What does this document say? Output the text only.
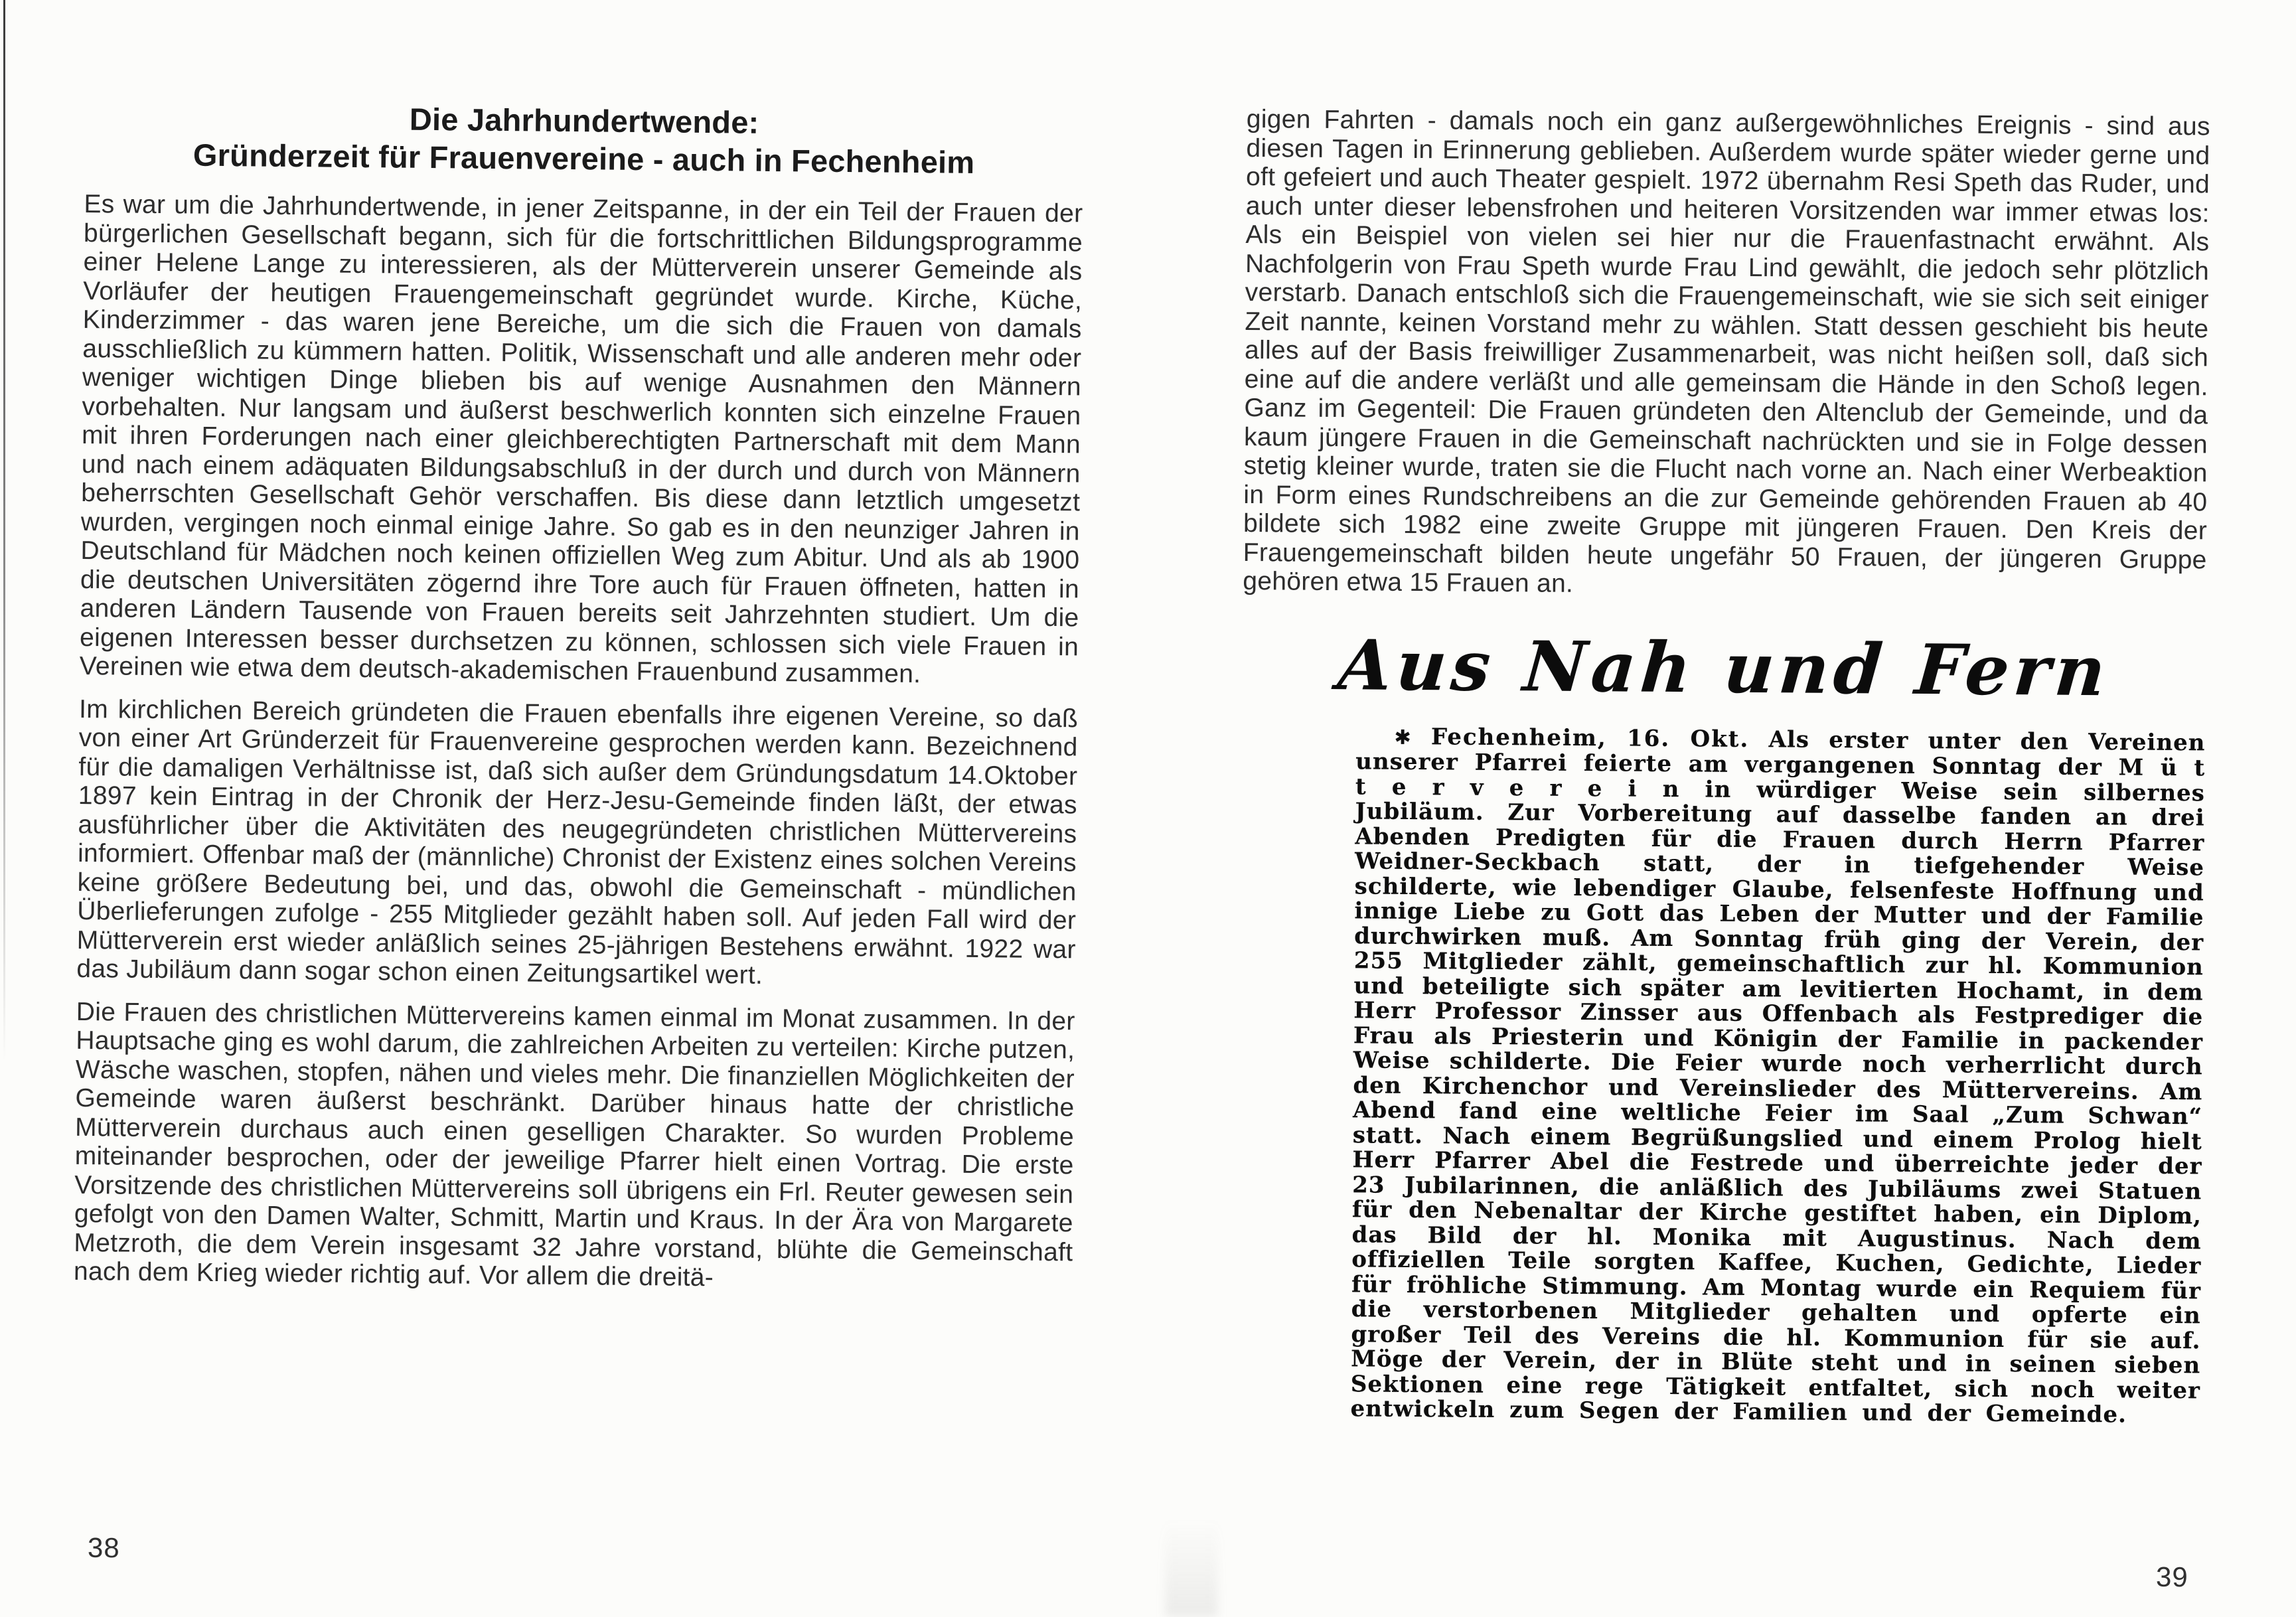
Die Jahrhundertwende:
Gründerzeit für Frauenvereine - auch in Fechenheim

Es war um die Jahrhundertwende, in jener Zeitspanne, in der ein Teil der Frauen der bürgerlichen Gesellschaft begann, sich für die fortschrittlichen Bildungsprogramme einer Helene Lange zu interessieren, als der Mütterverein unserer Gemeinde als Vorläufer der heutigen Frauengemeinschaft gegründet wurde. Kirche, Küche, Kinderzimmer - das waren jene Bereiche, um die sich die Frauen von damals ausschließlich zu kümmern hatten. Politik, Wissenschaft und alle anderen mehr oder weniger wichtigen Dinge blieben bis auf wenige Ausnahmen den Männern vorbehalten. Nur langsam und äußerst beschwerlich konnten sich einzelne Frauen mit ihren Forderungen nach einer gleichberechtigten Partnerschaft mit dem Mann und nach einem adäquaten Bildungsabschluß in der durch und durch von Männern beherrschten Gesellschaft Gehör verschaffen. Bis diese dann letztlich umgesetzt wurden, vergingen noch einmal einige Jahre. So gab es in den neunziger Jahren in Deutschland für Mädchen noch keinen offiziellen Weg zum Abitur. Und als ab 1900 die deutschen Universitäten zögernd ihre Tore auch für Frauen öffneten, hatten in anderen Ländern Tausende von Frauen bereits seit Jahrzehnten studiert. Um die eigenen Interessen besser durchsetzen zu können, schlossen sich viele Frauen in Vereinen wie etwa dem deutsch-akademischen Frauenbund zusammen.

Im kirchlichen Bereich gründeten die Frauen ebenfalls ihre eigenen Vereine, so daß von einer Art Gründerzeit für Frauenvereine gesprochen werden kann. Bezeichnend für die damaligen Verhältnisse ist, daß sich außer dem Gründungsdatum 14.Oktober 1897 kein Eintrag in der Chronik der Herz-Jesu-Gemeinde finden läßt, der etwas ausführlicher über die Aktivitäten des neugegründeten christlichen Müttervereins informiert. Offenbar maß der (männliche) Chronist der Existenz eines solchen Vereins keine größere Bedeutung bei, und das, obwohl die Gemeinschaft - mündlichen Überlieferungen zufolge - 255 Mitglieder gezählt haben soll. Auf jeden Fall wird der Mütterverein erst wieder anläßlich seines 25-jährigen Bestehens erwähnt. 1922 war das Jubiläum dann sogar schon einen Zeitungsartikel wert.

Die Frauen des christlichen Müttervereins kamen einmal im Monat zusammen. In der Hauptsache ging es wohl darum, die zahlreichen Arbeiten zu verteilen: Kirche putzen, Wäsche waschen, stopfen, nähen und vieles mehr. Die finanziellen Möglichkeiten der Gemeinde waren äußerst beschränkt. Darüber hinaus hatte der christliche Mütterverein durchaus auch einen geselligen Charakter. So wurden Probleme miteinander besprochen, oder der jeweilige Pfarrer hielt einen Vortrag. Die erste Vorsitzende des christlichen Müttervereins soll übrigens ein Frl. Reuter gewesen sein gefolgt von den Damen Walter, Schmitt, Martin und Kraus. In der Ära von Margarete Metzroth, die dem Verein insgesamt 32 Jahre vorstand, blühte die Gemeinschaft nach dem Krieg wieder richtig auf. Vor allem die dreitä-

gigen Fahrten - damals noch ein ganz außergewöhnliches Ereignis - sind aus diesen Tagen in Erinnerung geblieben. Außerdem wurde später wieder gerne und oft gefeiert und auch Theater gespielt. 1972 übernahm Resi Speth das Ruder, und auch unter dieser lebensfrohen und heiteren Vorsitzenden war immer etwas los: Als ein Beispiel von vielen sei hier nur die Frauenfastnacht erwähnt. Als Nachfolgerin von Frau Speth wurde Frau Lind gewählt, die jedoch sehr plötzlich verstarb. Danach entschloß sich die Frauengemeinschaft, wie sie sich seit einiger Zeit nannte, keinen Vorstand mehr zu wählen. Statt dessen geschieht bis heute alles auf der Basis freiwilliger Zusammenarbeit, was nicht heißen soll, daß sich eine auf die andere verläßt und alle gemeinsam die Hände in den Schoß legen. Ganz im Gegenteil: Die Frauen gründeten den Altenclub der Gemeinde, und da kaum jüngere Frauen in die Gemeinschaft nachrückten und sie in Folge dessen stetig kleiner wurde, traten sie die Flucht nach vorne an. Nach einer Werbeaktion in Form eines Rundschreibens an die zur Gemeinde gehörenden Frauen ab 40 bildete sich 1982 eine zweite Gruppe mit jüngeren Frauen. Den Kreis der Frauengemeinschaft bilden heute ungefähr 50 Frauen, der jüngeren Gruppe gehören etwa 15 Frauen an.

Aus Nah und Fern

✱ Fechenheim, 16. Okt. Als erster unter den Vereinen unserer Pfarrei feierte am vergangenen Sonntag der M ü t t e r v e r e i n in würdiger Weise sein silbernes Jubiläum. Zur Vorbereitung auf dasselbe fanden an drei Abenden Predigten für die Frauen durch Herrn Pfarrer Weidner-Seckbach statt, der in tiefgehender Weise schilderte, wie lebendiger Glaube, felsenfeste Hoffnung und innige Liebe zu Gott das Leben der Mutter und der Familie durchwirken muß. Am Sonntag früh ging der Verein, der 255 Mitglieder zählt, gemeinschaftlich zur hl. Kommunion und beteiligte sich später am levitierten Hochamt, in dem Herr Professor Zinsser aus Offenbach als Festprediger die Frau als Priesterin und Königin der Familie in packender Weise schilderte. Die Feier wurde noch verherrlicht durch den Kirchenchor und Vereinslieder des Müttervereins. Am Abend fand eine weltliche Feier im Saal „Zum Schwan“ statt. Nach einem Begrüßungslied und einem Prolog hielt Herr Pfarrer Abel die Festrede und überreichte jeder der 23 Jubilarinnen, die anläßlich des Jubiläums zwei Statuen für den Nebenaltar der Kirche gestiftet haben, ein Diplom, das Bild der hl. Monika mit Augustinus. Nach dem offiziellen Teile sorgten Kaffee, Kuchen, Gedichte, Lieder für fröhliche Stimmung. Am Montag wurde ein Requiem für die verstorbenen Mitglieder gehalten und opferte ein großer Teil des Vereins die hl. Kommunion für sie auf. Möge der Verein, der in Blüte steht und in seinen sieben Sektionen eine rege Tätigkeit entfaltet, sich noch weiter entwickeln zum Segen der Familien und der Gemeinde.

38
39
